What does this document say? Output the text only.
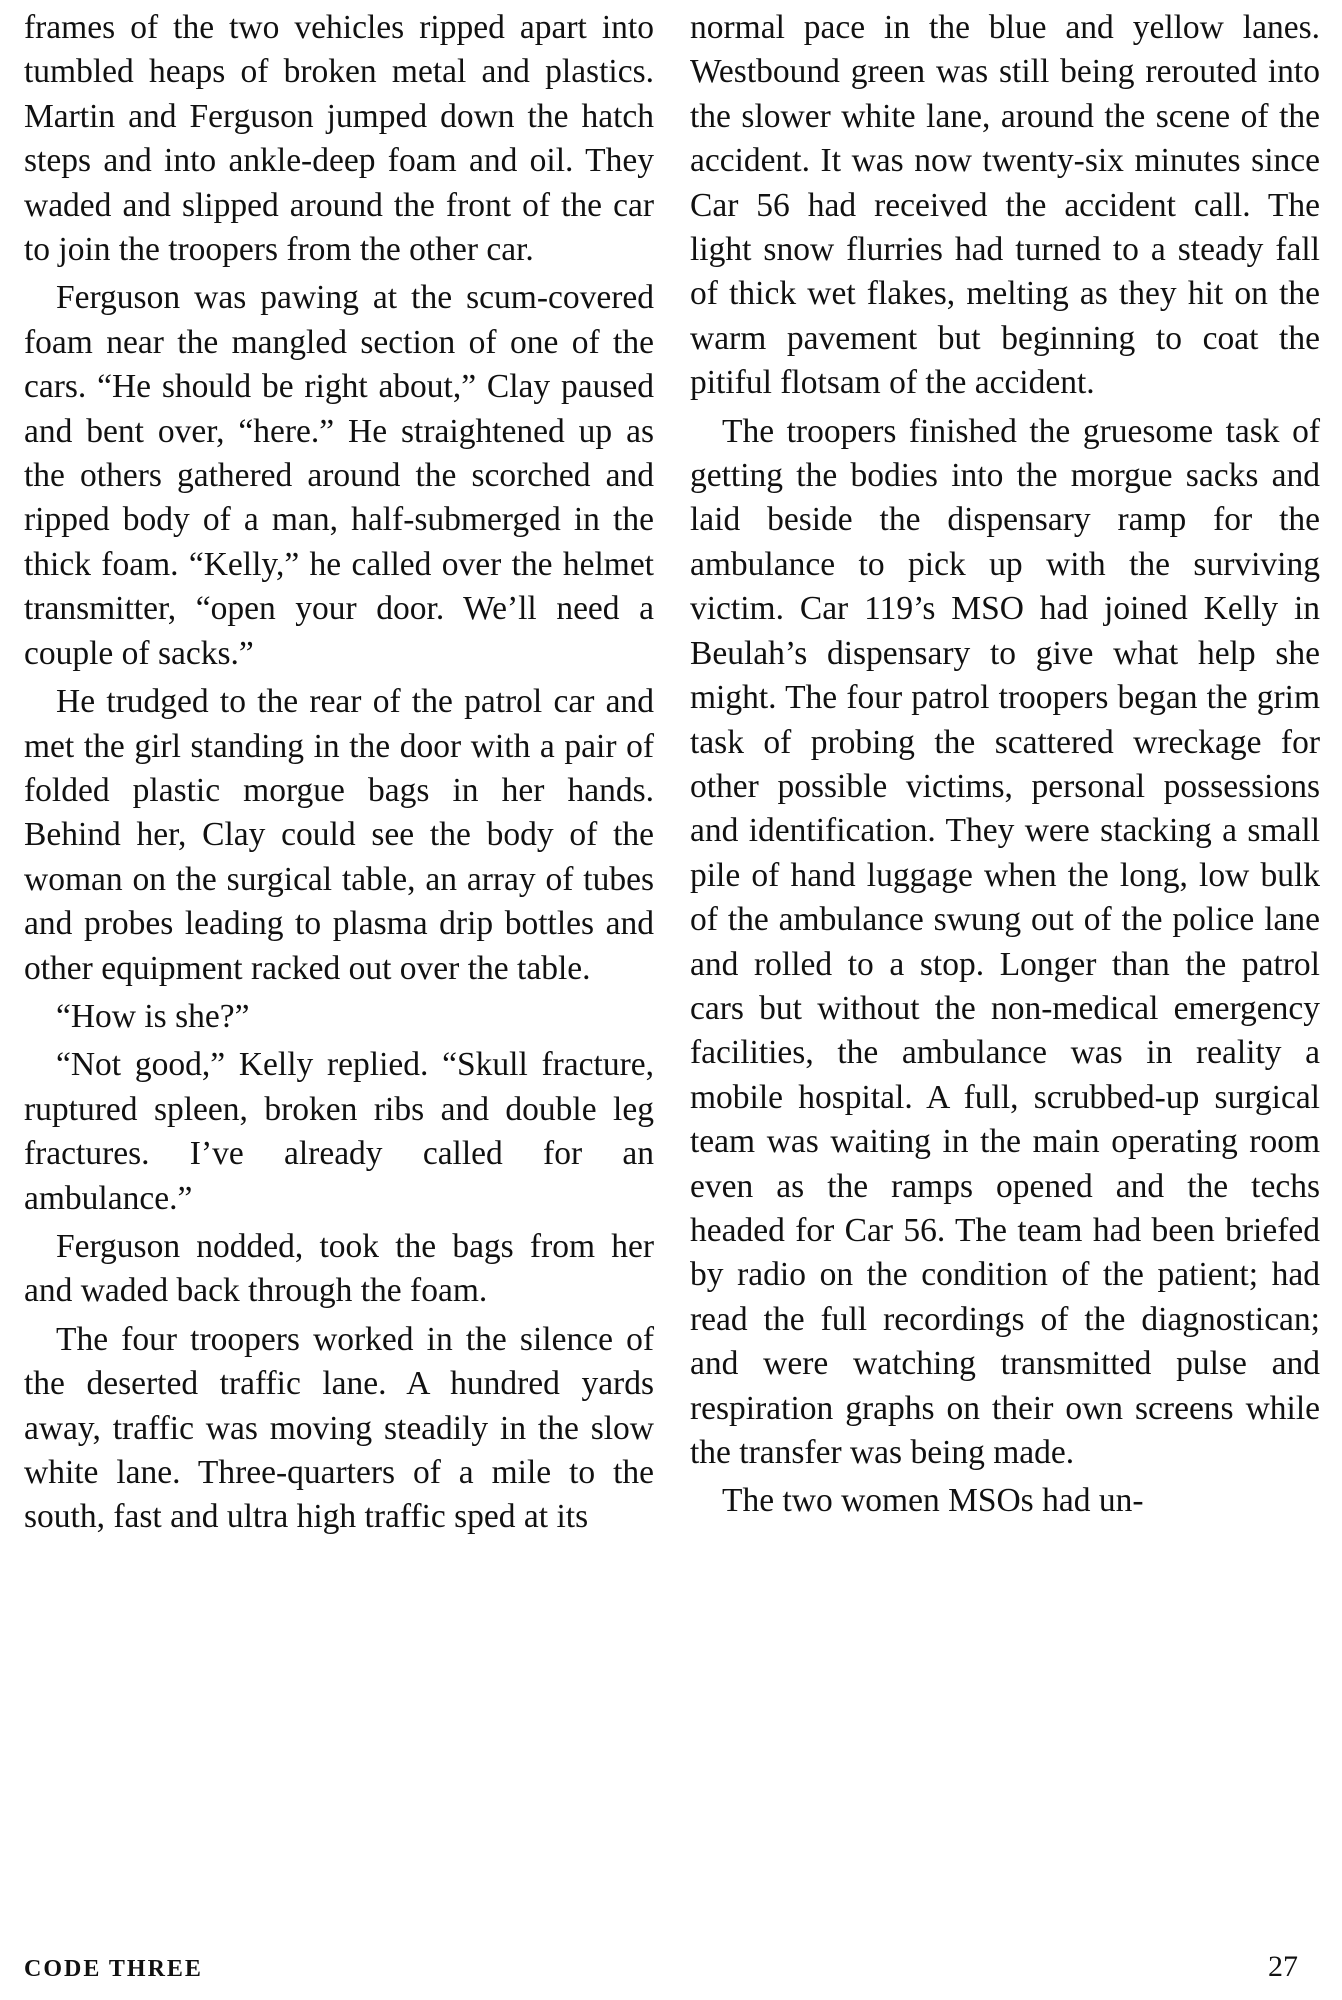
frames of the two vehicles ripped apart into tumbled heaps of broken metal and plastics. Martin and Ferguson jumped down the hatch steps and into ankle-deep foam and oil. They waded and slipped around the front of the car to join the troopers from the other car.

Ferguson was pawing at the scum-covered foam near the mangled section of one of the cars. “He should be right about,” Clay paused and bent over, “here.” He straightened up as the others gathered around the scorched and ripped body of a man, half-submerged in the thick foam. “Kelly,” he called over the helmet transmitter, “open your door. We’ll need a couple of sacks.”

He trudged to the rear of the patrol car and met the girl standing in the door with a pair of folded plastic morgue bags in her hands. Behind her, Clay could see the body of the woman on the surgical table, an array of tubes and probes leading to plasma drip bottles and other equipment racked out over the table.

“How is she?”

“Not good,” Kelly replied. “Skull fracture, ruptured spleen, broken ribs and double leg fractures. I’ve already called for an ambulance.”

Ferguson nodded, took the bags from her and waded back through the foam.

The four troopers worked in the silence of the deserted traffic lane. A hundred yards away, traffic was moving steadily in the slow white lane. Three-quarters of a mile to the south, fast and ultra high traffic sped at its

normal pace in the blue and yellow lanes. Westbound green was still being rerouted into the slower white lane, around the scene of the accident. It was now twenty-six minutes since Car 56 had received the accident call. The light snow flurries had turned to a steady fall of thick wet flakes, melting as they hit on the warm pavement but beginning to coat the pitiful flotsam of the accident.

The troopers finished the gruesome task of getting the bodies into the morgue sacks and laid beside the dispensary ramp for the ambulance to pick up with the surviving victim. Car 119’s MSO had joined Kelly in Beulah’s dispensary to give what help she might. The four patrol troopers began the grim task of probing the scattered wreckage for other possible victims, personal possessions and identification. They were stacking a small pile of hand luggage when the long, low bulk of the ambulance swung out of the police lane and rolled to a stop. Longer than the patrol cars but without the non-medical emergency facilities, the ambulance was in reality a mobile hospital. A full, scrubbed-up surgical team was waiting in the main operating room even as the ramps opened and the techs headed for Car 56. The team had been briefed by radio on the condition of the patient; had read the full recordings of the diagnostican; and were watching transmitted pulse and respiration graphs on their own screens while the transfer was being made.

The two women MSOs had un-

CODE THREE	27
